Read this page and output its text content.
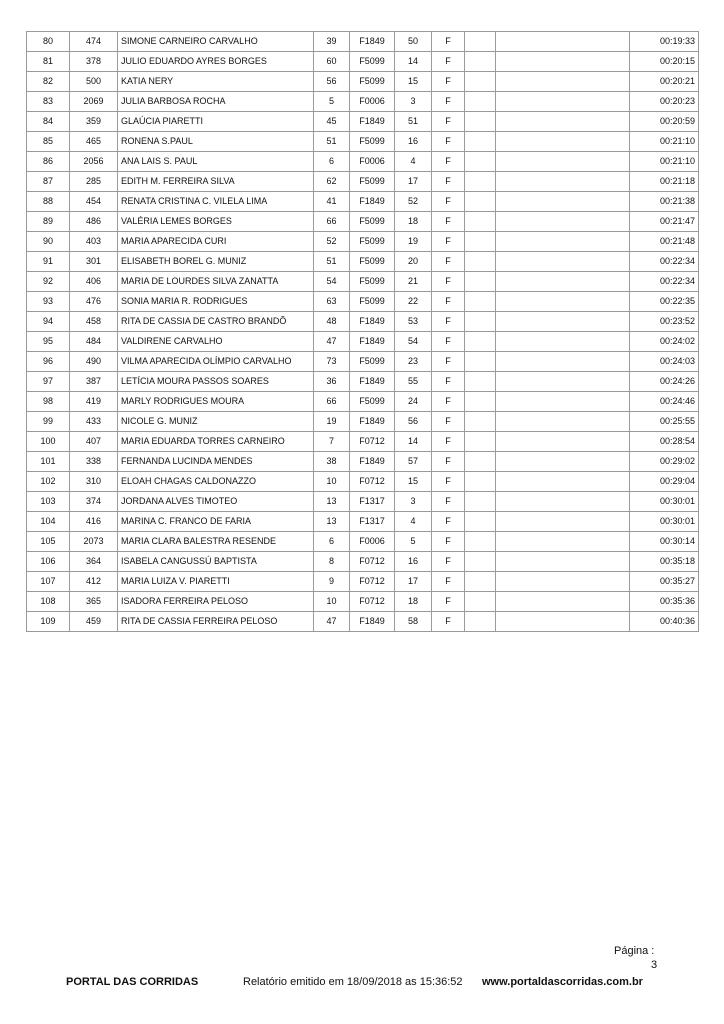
80	474	SIMONE CARNEIRO CARVALHO	39	F1849	50	F			00:19:33
81	378	JULIO EDUARDO AYRES BORGES	60	F5099	14	F			00:20:15
82	500	KATIA NERY	56	F5099	15	F			00:20:21
83	2069	JULIA BARBOSA ROCHA	5	F0006	3	F			00:20:23
84	359	GLAÚCIA PIARETTI	45	F1849	51	F			00:20:59
85	465	RONENA S.PAUL	51	F5099	16	F			00:21:10
86	2056	ANA LAIS S. PAUL	6	F0006	4	F			00:21:10
87	285	EDITH M. FERREIRA SILVA	62	F5099	17	F			00:21:18
88	454	RENATA CRISTINA C. VILELA LIMA	41	F1849	52	F			00:21:38
89	486	VALÉRIA LEMES BORGES	66	F5099	18	F			00:21:47
90	403	MARIA APARECIDA CURI	52	F5099	19	F			00:21:48
91	301	ELISABETH BOREL G. MUNIZ	51	F5099	20	F			00:22:34
92	406	MARIA DE LOURDES SILVA ZANATTA	54	F5099	21	F			00:22:34
93	476	SONIA MARIA R. RODRIGUES	63	F5099	22	F			00:22:35
94	458	RITA DE CASSIA DE CASTRO BRANDÕ	48	F1849	53	F			00:23:52
95	484	VALDIRENE CARVALHO	47	F1849	54	F			00:24:02
96	490	VILMA APARECIDA OLÍMPIO CARVALHO	73	F5099	23	F			00:24:03
97	387	LETÍCIA MOURA PASSOS SOARES	36	F1849	55	F			00:24:26
98	419	MARLY RODRIGUES MOURA	66	F5099	24	F			00:24:46
99	433	NICOLE G. MUNIZ	19	F1849	56	F			00:25:55
100	407	MARIA EDUARDA TORRES CARNEIRO	7	F0712	14	F			00:28:54
101	338	FERNANDA LUCINDA MENDES	38	F1849	57	F			00:29:02
102	310	ELOAH CHAGAS CALDONAZZO	10	F0712	15	F			00:29:04
103	374	JORDANA ALVES TIMOTEO	13	F1317	3	F			00:30:01
104	416	MARINA C. FRANCO DE FARIA	13	F1317	4	F			00:30:01
105	2073	MARIA CLARA BALESTRA RESENDE	6	F0006	5	F			00:30:14
106	364	ISABELA CANGUSSÚ BAPTISTA	8	F0712	16	F			00:35:18
107	412	MARIA LUIZA V. PIARETTI	9	F0712	17	F			00:35:27
108	365	ISADORA FERREIRA PELOSO	10	F0712	18	F			00:35:36
109	459	RITA DE CASSIA FERREIRA PELOSO	47	F1849	58	F			00:40:36
Página :
3
PORTAL DAS CORRIDAS	Relatório emitido em 18/09/2018 as 15:36:52 www.portaldascorridas.com.br
